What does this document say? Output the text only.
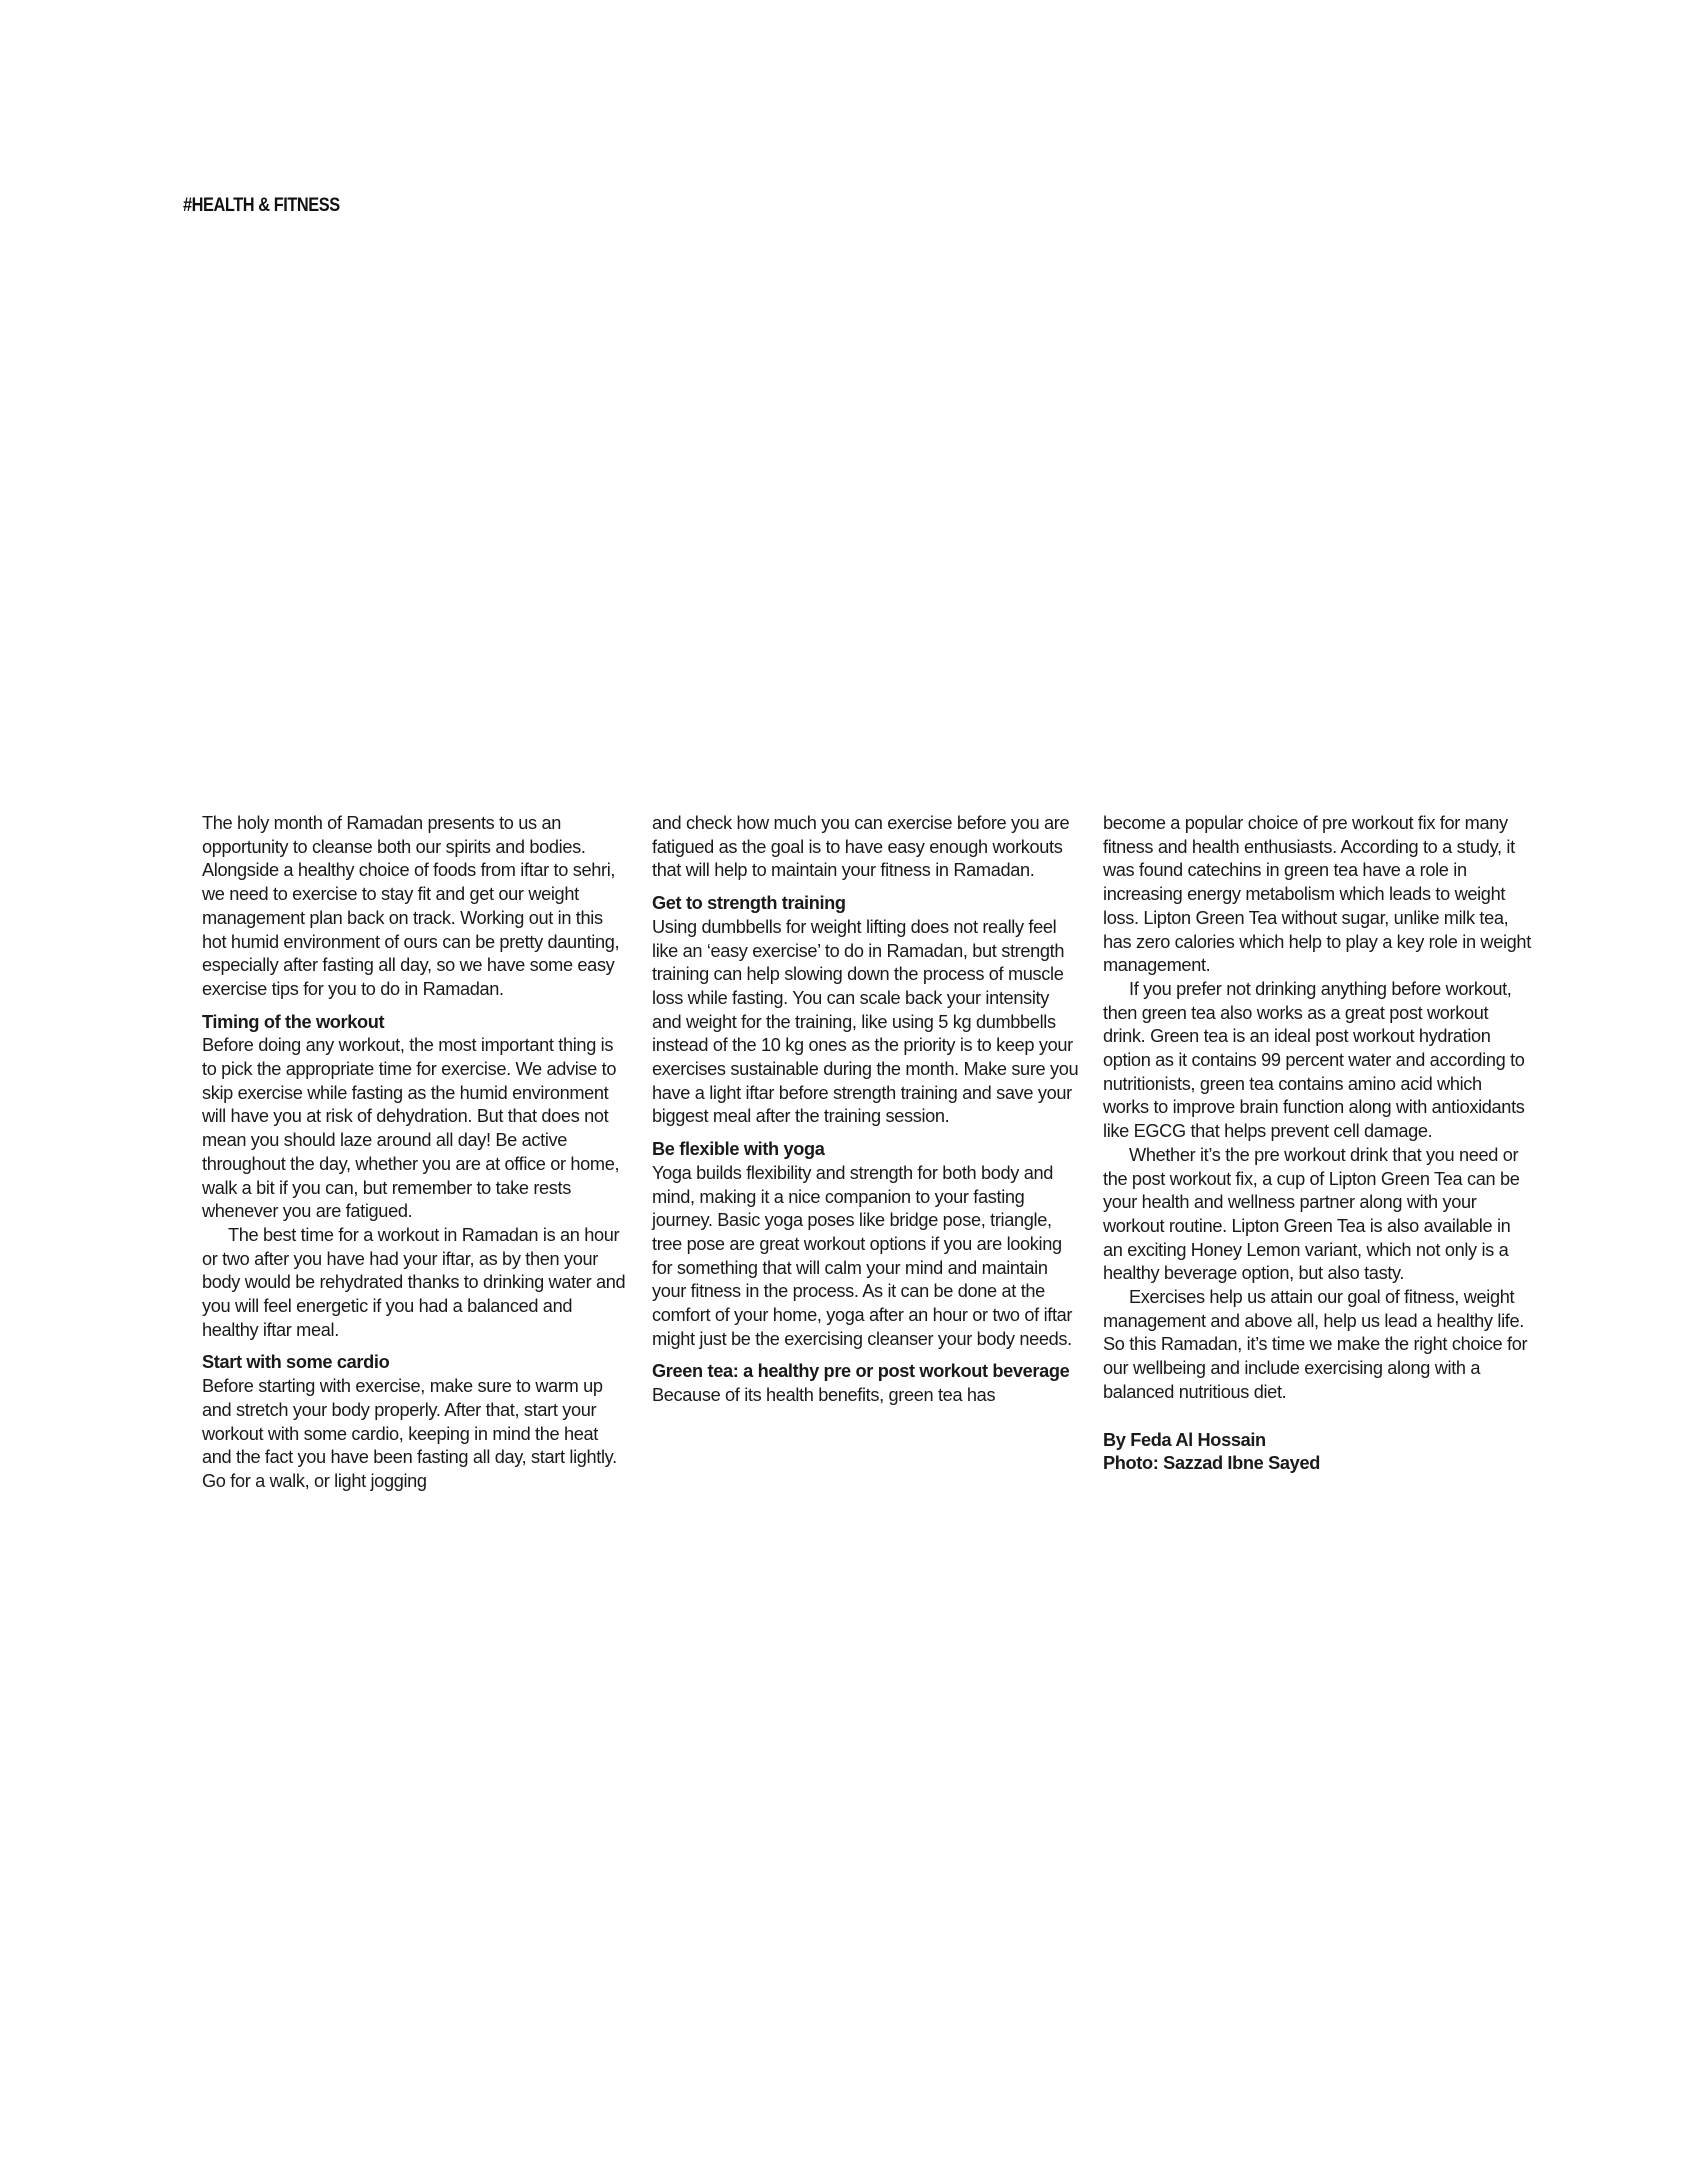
#HEALTH & FITNESS

The holy month of Ramadan presents to us an opportunity to cleanse both our spirits and bodies. Alongside a healthy choice of foods from iftar to sehri, we need to exercise to stay fit and get our weight management plan back on track. Working out in this hot humid environment of ours can be pretty daunting, especially after fasting all day, so we have some easy exercise tips for you to do in Ramadan.

Timing of the workout

Before doing any workout, the most important thing is to pick the appropriate time for exercise. We advise to skip exercise while fasting as the humid environment will have you at risk of dehydration. But that does not mean you should laze around all day! Be active throughout the day, whether you are at office or home, walk a bit if you can, but remember to take rests whenever you are fatigued.

The best time for a workout in Ramadan is an hour or two after you have had your iftar, as by then your body would be rehydrated thanks to drinking water and you will feel energetic if you had a balanced and healthy iftar meal.

Start with some cardio

Before starting with exercise, make sure to warm up and stretch your body properly. After that, start your workout with some cardio, keeping in mind the heat and the fact you have been fasting all day, start lightly. Go for a walk, or light jogging

and check how much you can exercise before you are fatigued as the goal is to have easy enough workouts that will help to maintain your fitness in Ramadan.

Get to strength training

Using dumbbells for weight lifting does not really feel like an ‘easy exercise’ to do in Ramadan, but strength training can help slowing down the process of muscle loss while fasting. You can scale back your intensity and weight for the training, like using 5 kg dumbbells instead of the 10 kg ones as the priority is to keep your exercises sustainable during the month. Make sure you have a light iftar before strength training and save your biggest meal after the training session.

Be flexible with yoga

Yoga builds flexibility and strength for both body and mind, making it a nice companion to your fasting journey. Basic yoga poses like bridge pose, triangle, tree pose are great workout options if you are looking for something that will calm your mind and maintain your fitness in the process. As it can be done at the comfort of your home, yoga after an hour or two of iftar might just be the exercising cleanser your body needs.

Green tea: a healthy pre or post workout beverage

Because of its health benefits, green tea has

become a popular choice of pre workout fix for many fitness and health enthusiasts. According to a study, it was found catechins in green tea have a role in increasing energy metabolism which leads to weight loss. Lipton Green Tea without sugar, unlike milk tea, has zero calories which help to play a key role in weight management.

If you prefer not drinking anything before workout, then green tea also works as a great post workout drink. Green tea is an ideal post workout hydration option as it contains 99 percent water and according to nutritionists, green tea contains amino acid which works to improve brain function along with antioxidants like EGCG that helps prevent cell damage.

Whether it’s the pre workout drink that you need or the post workout fix, a cup of Lipton Green Tea can be your health and wellness partner along with your workout routine. Lipton Green Tea is also available in an exciting Honey Lemon variant, which not only is a healthy beverage option, but also tasty.

Exercises help us attain our goal of fitness, weight management and above all, help us lead a healthy life. So this Ramadan, it’s time we make the right choice for our wellbeing and include exercising along with a balanced nutritious diet.

By Feda Al Hossain
Photo: Sazzad Ibne Sayed
